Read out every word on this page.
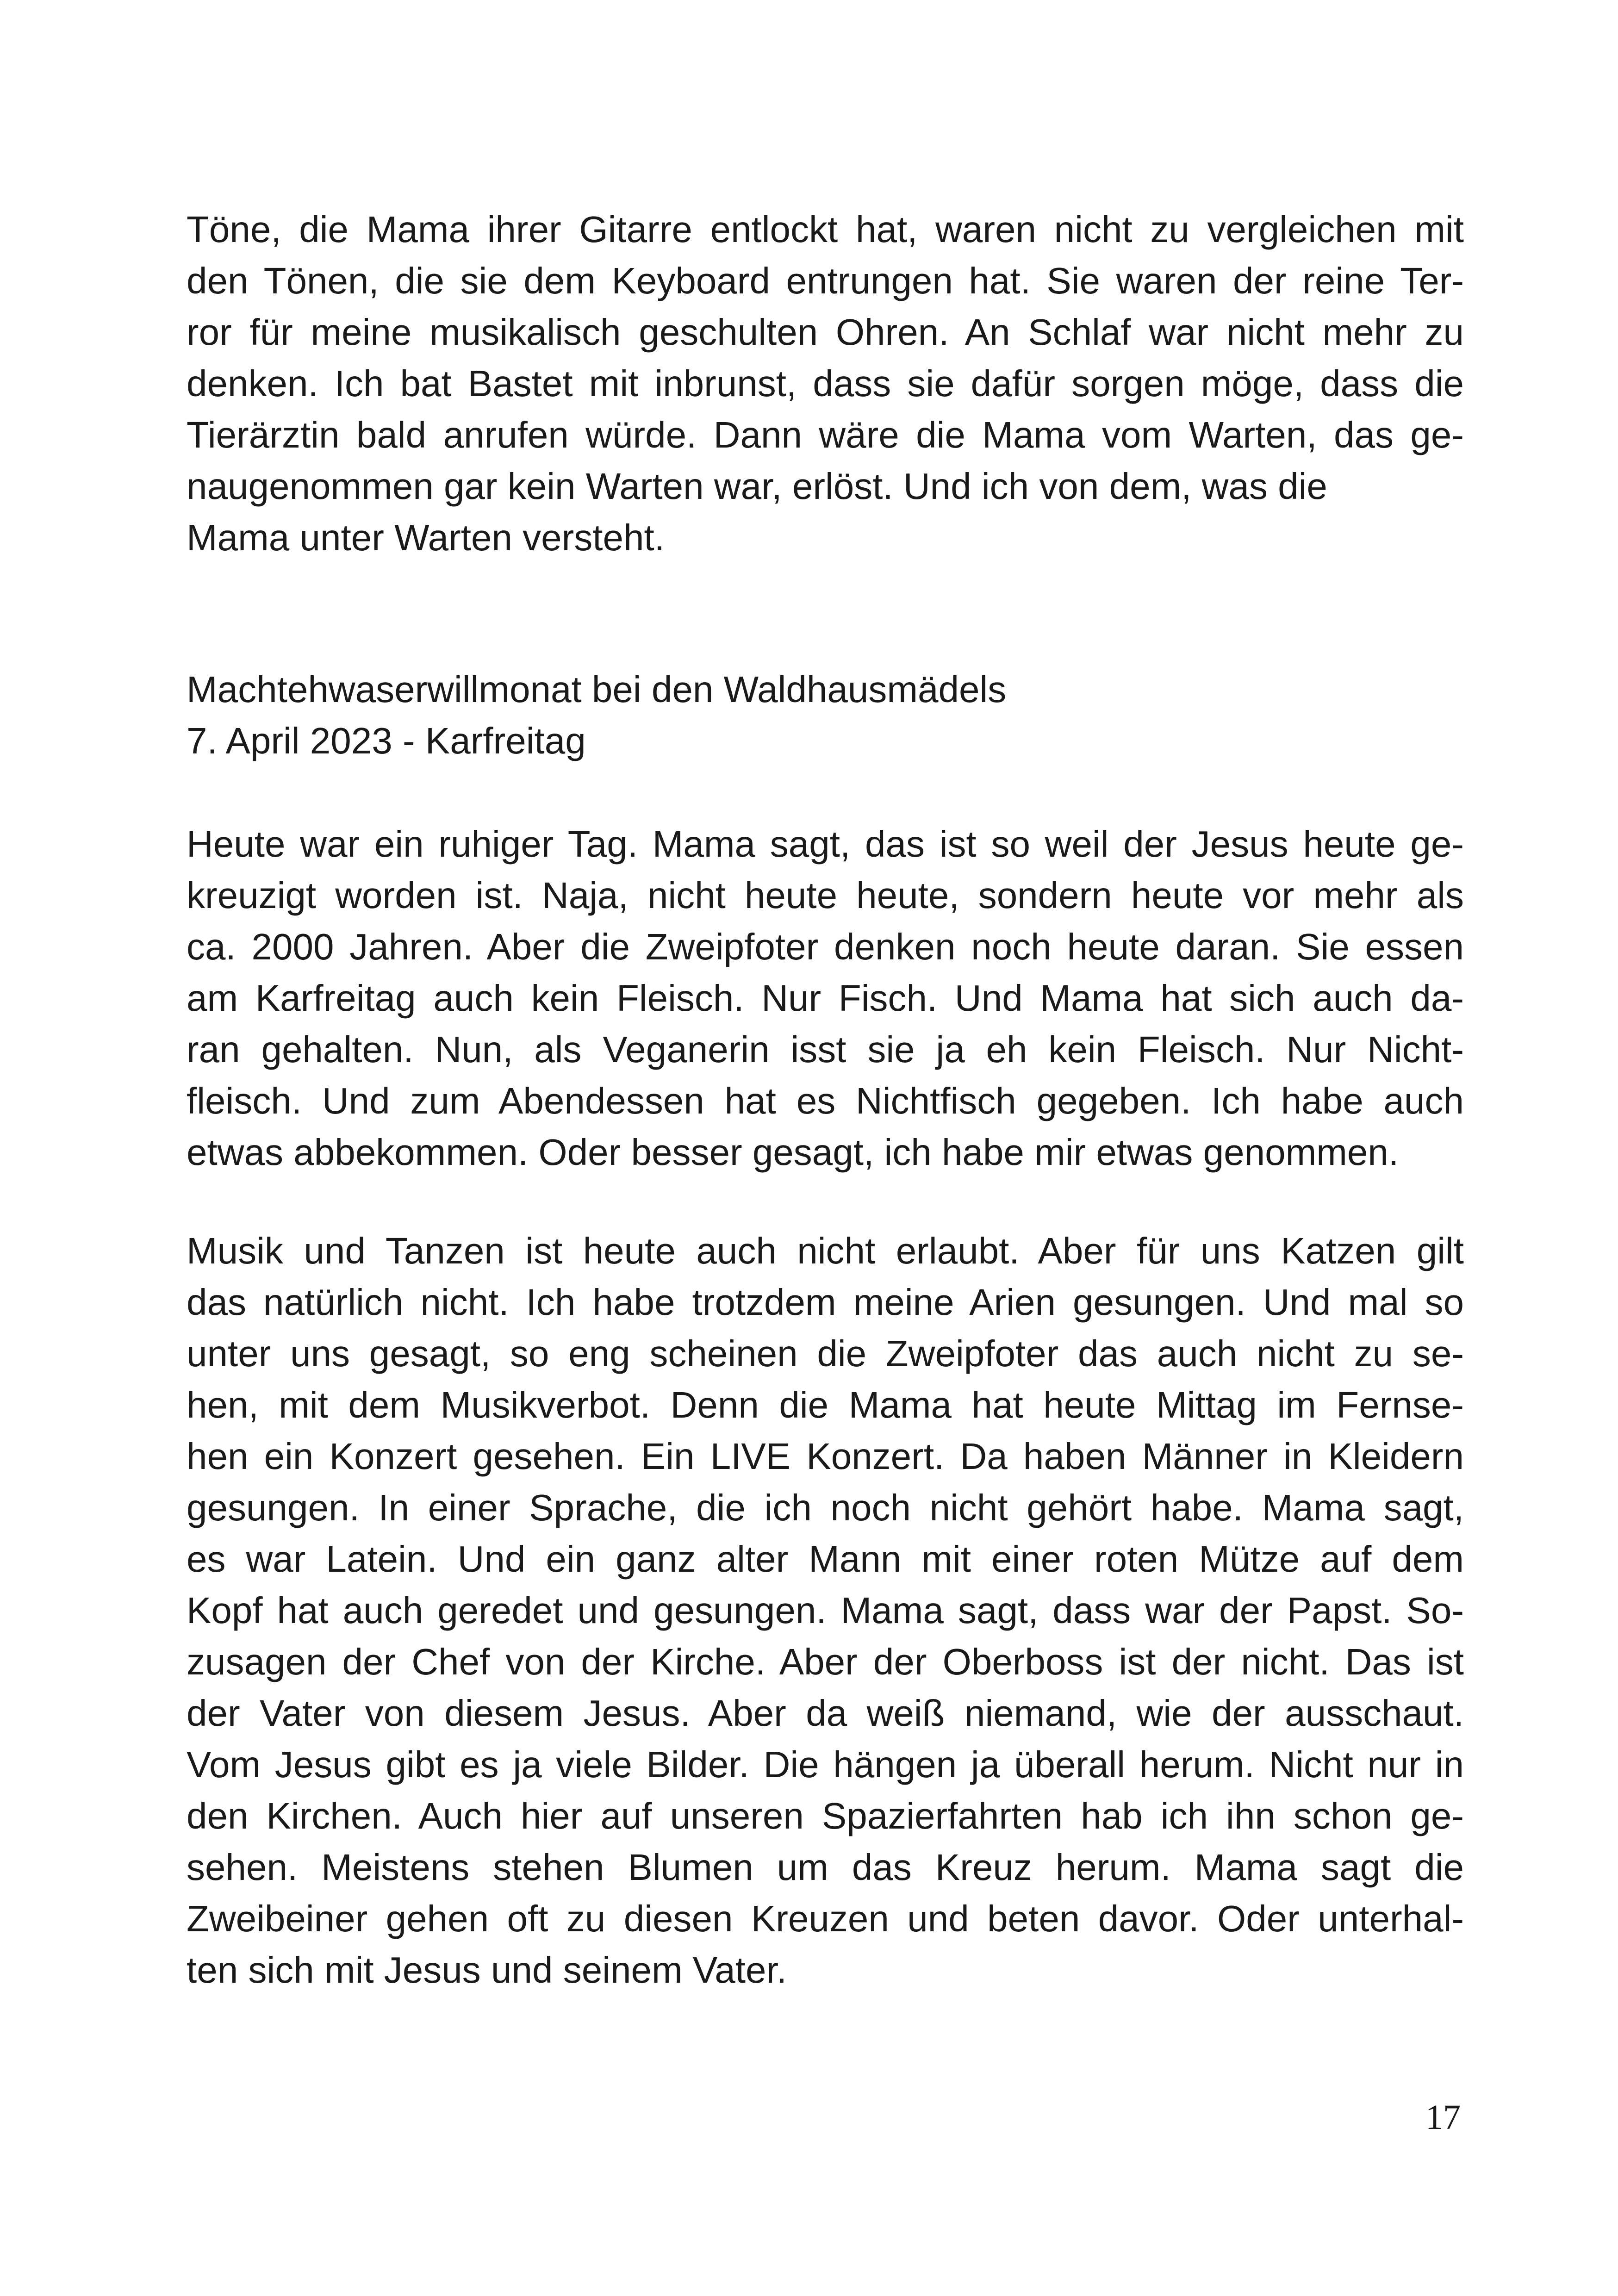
Töne, die Mama ihrer Gitarre entlockt hat, waren nicht zu vergleichen mit
den Tönen, die sie dem Keyboard entrungen hat. Sie waren der reine Ter-
ror für meine musikalisch geschulten Ohren. An Schlaf war nicht mehr zu
denken. Ich bat Bastet mit inbrunst, dass sie dafür sorgen möge, dass die
Tierärztin bald anrufen würde. Dann wäre die Mama vom Warten, das ge-
naugenommen gar kein Warten war, erlöst. Und ich von dem, was die
Mama unter Warten versteht.
Machtehwaserwillmonat bei den Waldhausmädels
7. April 2023 - Karfreitag
Heute war ein ruhiger Tag. Mama sagt, das ist so weil der Jesus heute ge-
kreuzigt worden ist. Naja, nicht heute heute, sondern heute vor mehr als
ca. 2000 Jahren. Aber die Zweipfoter denken noch heute daran. Sie essen
am Karfreitag auch kein Fleisch. Nur Fisch. Und Mama hat sich auch da-
ran gehalten. Nun, als Veganerin isst sie ja eh kein Fleisch. Nur Nicht-
fleisch. Und zum Abendessen hat es Nichtfisch gegeben. Ich habe auch
etwas abbekommen. Oder besser gesagt, ich habe mir etwas genommen.
Musik und Tanzen ist heute auch nicht erlaubt. Aber für uns Katzen gilt
das natürlich nicht. Ich habe trotzdem meine Arien gesungen. Und mal so
unter uns gesagt, so eng scheinen die Zweipfoter das auch nicht zu se-
hen, mit dem Musikverbot. Denn die Mama hat heute Mittag im Fernse-
hen ein Konzert gesehen. Ein LIVE Konzert. Da haben Männer in Kleidern
gesungen. In einer Sprache, die ich noch nicht gehört habe. Mama sagt,
es war Latein. Und ein ganz alter Mann mit einer roten Mütze auf dem
Kopf hat auch geredet und gesungen. Mama sagt, dass war der Papst. So-
zusagen der Chef von der Kirche. Aber der Oberboss ist der nicht. Das ist
der Vater von diesem Jesus. Aber da weiß niemand, wie der ausschaut.
Vom Jesus gibt es ja viele Bilder. Die hängen ja überall herum. Nicht nur in
den Kirchen. Auch hier auf unseren Spazierfahrten hab ich ihn schon ge-
sehen. Meistens stehen Blumen um das Kreuz herum. Mama sagt die
Zweibeiner gehen oft zu diesen Kreuzen und beten davor. Oder unterhal-
ten sich mit Jesus und seinem Vater.
17
